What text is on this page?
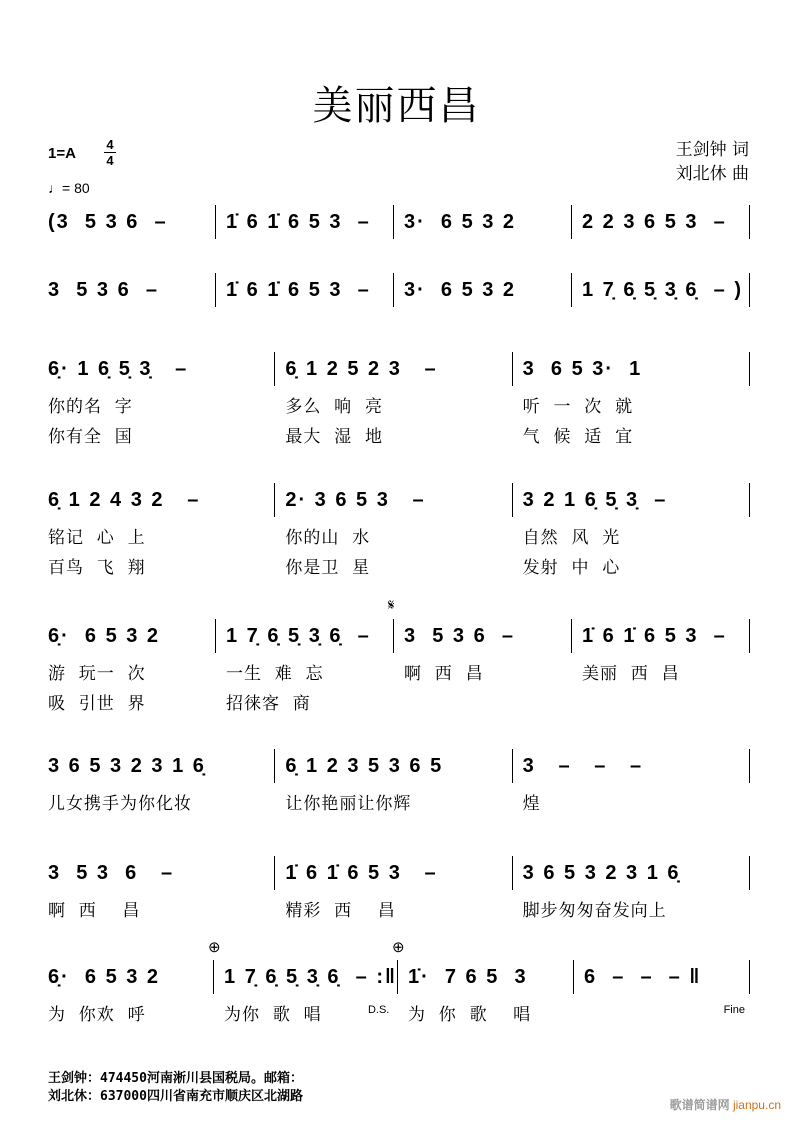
美丽西昌
1=A
4
4
♩= 80
王剑钟 词
刘北休 曲
(3  5 3 6  –	1̇ 6 1̇ 6 5 3  –	3·  6 5 3 2	2 2 3 6 5 3  –
3  5 3 6  –	1̇ 6 1̇ 6 5 3  –	3·  6 5 3 2	1 7̣ 6̣ 5̣ 3̣ 6̣  – )
6̣· 1 6̣ 5̣ 3̣   –
你的名  字
你有全  国
6̣ 1 2 5 2 3   –
多么  响  亮
最大  湿  地
3  6 5 3·  1
听  一  次  就
气  候  适  宜
6̣ 1 2 4 3 2   –
铭记  心  上
百鸟  飞  翔
2· 3 6 5 3   –
你的山  水
你是卫  星
3 2 1 6̣ 5̣ 3̣  –
自然  风  光
发射  中  心
6̣·  6 5 3 2
游  玩一  次
吸  引世  界
1 7̣ 6̣ 5̣ 3̣ 6̣  –
一生  难  忘
招徕客  商
3  5 3 6  –
𝄋
啊  西  昌
1̇ 6 1̇ 6 5 3  –
美丽  西  昌
3 6 5 3 2 3 1 6̣
儿女携手为你化妆
6̣ 1 2 3 5 3 6 5
让你艳丽让你辉
3   –   –   –
煌
3  5 3  6   –
啊  西    昌
1̇ 6 1̇ 6 5 3   –
精彩  西    昌
3 6 5 3 2 3 1 6̣
脚步匆匆奋发向上
6̣·  6 5 3 2
为  你欢  呼
1 7̣ 6̣ 5̣ 3̣ 6̣  – :‖
⊕
为你  歌  唱
1̇·  7 6 5  3
⊕
D.S. 为  你  歌    唱
6  –  –  – ‖
Fine
王剑钟：474450河南淅川县国税局。邮箱：
刘北休：637000四川省南充市顺庆区北湖路
歌谱简谱网 jianpu.cn
